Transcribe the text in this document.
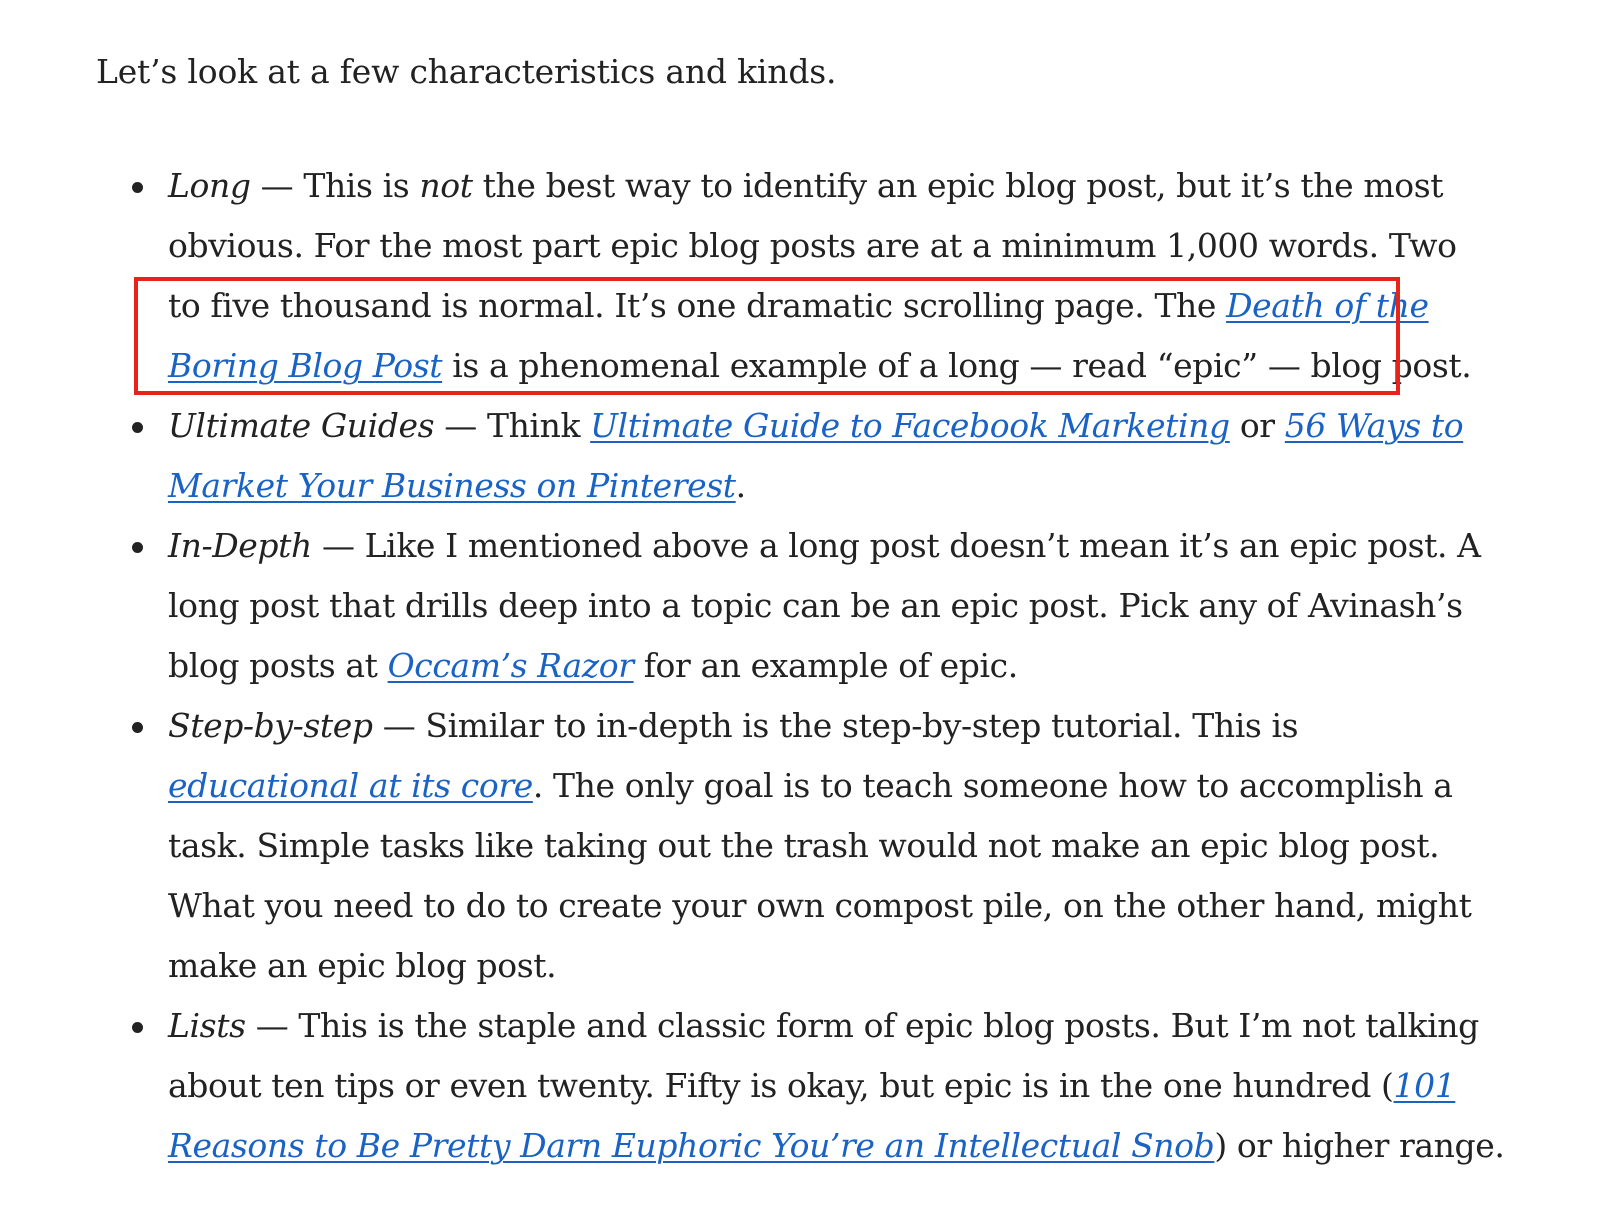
Let’s look at a few characteristics and kinds.

Long — This is not the best way to identify an epic blog post, but it’s the most
obvious. For the most part epic blog posts are at a minimum 1,000 words. Two
to five thousand is normal. It’s one dramatic scrolling page. The Death of the
Boring Blog Post is a phenomenal example of a long — read “epic” — blog post.
Ultimate Guides — Think Ultimate Guide to Facebook Marketing or 56 Ways to
Market Your Business on Pinterest.
In-Depth — Like I mentioned above a long post doesn’t mean it’s an epic post. A
long post that drills deep into a topic can be an epic post. Pick any of Avinash’s
blog posts at Occam’s Razor for an example of epic.
Step-by-step — Similar to in-depth is the step-by-step tutorial. This is
educational at its core. The only goal is to teach someone how to accomplish a
task. Simple tasks like taking out the trash would not make an epic blog post.
What you need to do to create your own compost pile, on the other hand, might
make an epic blog post.
Lists — This is the staple and classic form of epic blog posts. But I’m not talking
about ten tips or even twenty. Fifty is okay, but epic is in the one hundred (101
Reasons to Be Pretty Darn Euphoric You’re an Intellectual Snob) or higher range.
